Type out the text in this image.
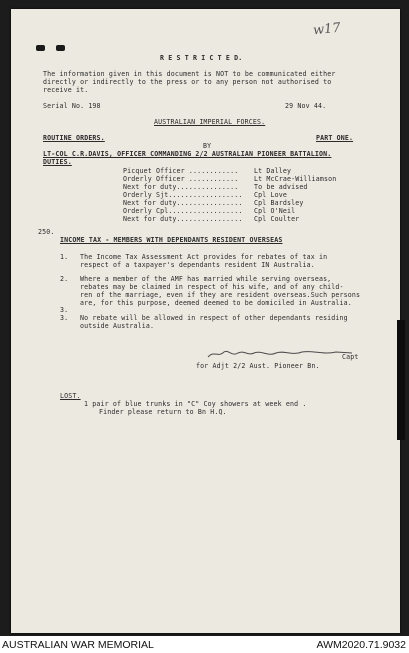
w17
R E S T R I C T E D.
The information given in this document is NOT to be communicated either
directly or indirectly to the press or to any person not authorised to
receive it.
Serial No. 198	29 Nov 44.
AUSTRALIAN IMPERIAL FORCES.
ROUTINE ORDERS.	PART ONE.
BY
LT-COL C.R.DAVIS, OFFICER COMMANDING 2/2 AUSTRALIAN PIONEER BATTALION.
DUTIES.
Picquet Officer ............ Lt Dalley
Orderly Officer ............ Lt McCrae-Williamson
Next for duty............... To be advised
Orderly Sjt.................. Cpl Love
Next for duty................ Cpl Bardsley
Orderly Cpl.................. Cpl O'Neil
Next for duty................ Cpl Coulter
250.
INCOME TAX - MEMBERS WITH DEPENDANTS RESIDENT OVERSEAS
1. The Income Tax Assessment Act provides for rebates of tax in
respect of a taxpayer's dependants resident IN Australia.
2. Where a member of the AMF has married while serving overseas,
rebates may be claimed in respect of his wife, and of any child-
ren of the marriage, even if they are resident overseas.Such persons
are, for this purpose, deemed deemed to be domiciled in Australia.
3.
3. No rebate will be allowed in respect of other dependants residing
outside Australia.
Capt
for Adjt 2/2 Aust. Pioneer Bn.
LOST.
1 pair of blue trunks in "C" Coy showers at week end .
Finder please return to Bn H.Q.
AUSTRALIAN WAR MEMORIAL	AWM2020.71.9032
